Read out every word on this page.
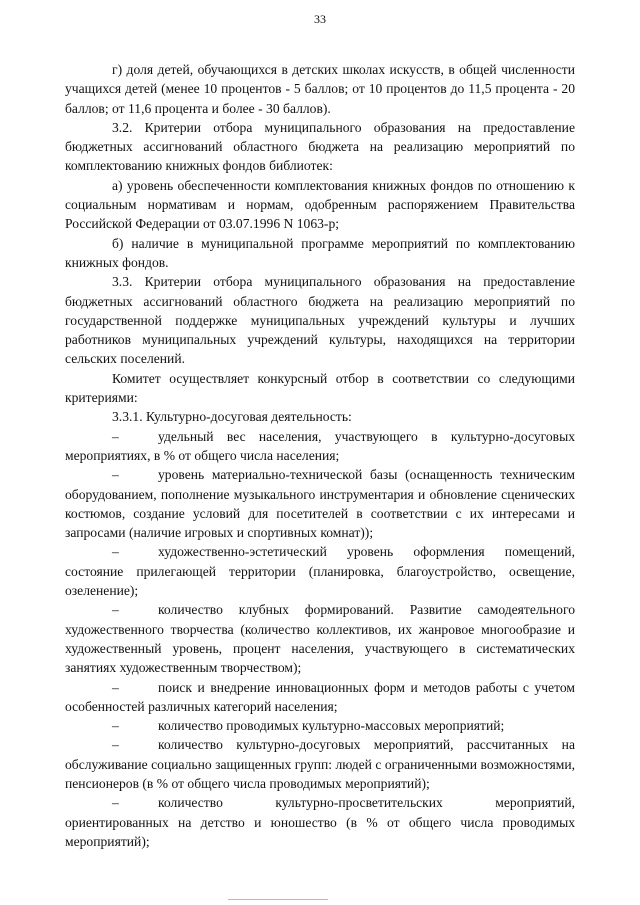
33

г) доля детей, обучающихся в детских школах искусств, в общей численности учащихся детей (менее 10 процентов - 5 баллов; от 10 процентов до 11,5 процента - 20 баллов; от 11,6 процента и более - 30 баллов).

3.2. Критерии отбора муниципального образования на предоставление бюджетных ассигнований областного бюджета на реализацию мероприятий по комплектованию книжных фондов библиотек:

а) уровень обеспеченности комплектования книжных фондов по отношению к социальным нормативам и нормам, одобренным распоряжением Правительства Российской Федерации от 03.07.1996 N 1063-р;

б) наличие в муниципальной программе мероприятий по комплектованию книжных фондов.

3.3. Критерии отбора муниципального образования на предоставление бюджетных ассигнований областного бюджета на реализацию мероприятий по государственной поддержке муниципальных учреждений культуры и лучших работников муниципальных учреждений культуры, находящихся на территории сельских поселений.

Комитет осуществляет конкурсный отбор в соответствии со следующими критериями:

3.3.1. Культурно-досуговая деятельность:

–	удельный вес населения, участвующего в культурно-досуговых мероприятиях, в % от общего числа населения;

–	уровень материально-технической базы (оснащенность техническим оборудованием, пополнение музыкального инструментария и обновление сценических костюмов, создание условий для посетителей в соответствии с их интересами и запросами (наличие игровых и спортивных комнат));

–	художественно-эстетический уровень оформления помещений, состояние прилегающей территории (планировка, благоустройство, освещение, озеленение);

–	количество клубных формирований. Развитие самодеятельного художественного творчества (количество коллективов, их жанровое многообразие и художественный уровень, процент населения, участвующего в систематических занятиях художественным творчеством);

–	поиск и внедрение инновационных форм и методов работы с учетом особенностей различных категорий населения;

–	количество проводимых культурно-массовых мероприятий;

–	количество культурно-досуговых мероприятий, рассчитанных на обслуживание социально защищенных групп: людей с ограниченными возможностями, пенсионеров (в % от общего числа проводимых мероприятий);

–	количество культурно-просветительских мероприятий, ориентированных на детство и юношество (в % от общего числа проводимых мероприятий);
